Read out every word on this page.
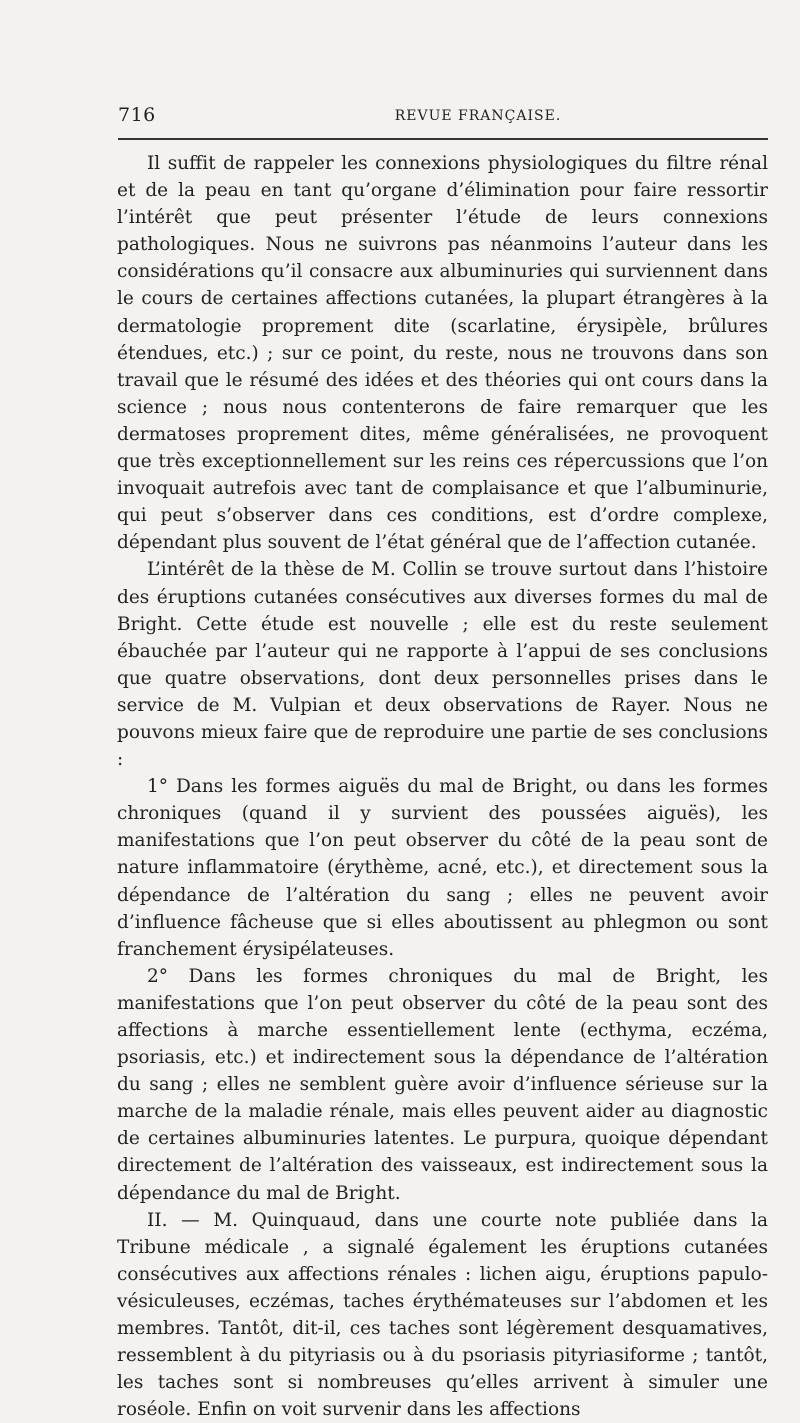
716	REVUE FRANÇAISE.

Il suffit de rappeler les connexions physiologiques du filtre rénal et de la peau en tant qu’organe d’élimination pour faire ressortir l’intérêt que peut présenter l’étude de leurs connexions pathologiques. Nous ne suivrons pas néanmoins l’auteur dans les considérations qu’il consacre aux albuminuries qui surviennent dans le cours de certaines affections cutanées, la plupart étrangères à la dermatologie proprement dite (scarlatine, érysipèle, brûlures étendues, etc.) ; sur ce point, du reste, nous ne trouvons dans son travail que le résumé des idées et des théories qui ont cours dans la science ; nous nous contenterons de faire remarquer que les dermatoses proprement dites, même généralisées, ne provoquent que très exceptionnellement sur les reins ces répercussions que l’on invoquait autrefois avec tant de complaisance et que l’albuminurie, qui peut s’observer dans ces conditions, est d’ordre complexe, dépendant plus souvent de l’état général que de l’affection cutanée.

L’intérêt de la thèse de M. Collin se trouve surtout dans l’histoire des éruptions cutanées consécutives aux diverses formes du mal de Bright. Cette étude est nouvelle ; elle est du reste seulement ébauchée par l’auteur qui ne rapporte à l’appui de ses conclusions que quatre observations, dont deux personnelles prises dans le service de M. Vulpian et deux observations de Rayer. Nous ne pouvons mieux faire que de reproduire une partie de ses conclusions :

1° Dans les formes aiguës du mal de Bright, ou dans les formes chroniques (quand il y survient des poussées aiguës), les manifestations que l’on peut observer du côté de la peau sont de nature inflammatoire (érythème, acné, etc.), et directement sous la dépendance de l’altération du sang ; elles ne peuvent avoir d’influence fâcheuse que si elles aboutissent au phlegmon ou sont franchement érysipélateuses.

2° Dans les formes chroniques du mal de Bright, les manifestations que l’on peut observer du côté de la peau sont des affections à marche essentiellement lente (ecthyma, eczéma, psoriasis, etc.) et indirectement sous la dépendance de l’altération du sang ; elles ne semblent guère avoir d’influence sérieuse sur la marche de la maladie rénale, mais elles peuvent aider au diagnostic de certaines albuminuries latentes. Le purpura, quoique dépendant directement de l’altération des vaisseaux, est indirectement sous la dépendance du mal de Bright.

II. — M. Quinquaud, dans une courte note publiée dans la Tribune médicale , a signalé également les éruptions cutanées consécutives aux affections rénales : lichen aigu, éruptions papulo-vésiculeuses, eczémas, taches érythémateuses sur l’abdomen et les membres. Tantôt, dit-il, ces taches sont légèrement desquamatives, ressemblent à du pityriasis ou à du psoriasis pityriasiforme ; tantôt, les taches sont si nombreuses qu’elles arrivent à simuler une roséole. Enfin on voit survenir dans les affections
